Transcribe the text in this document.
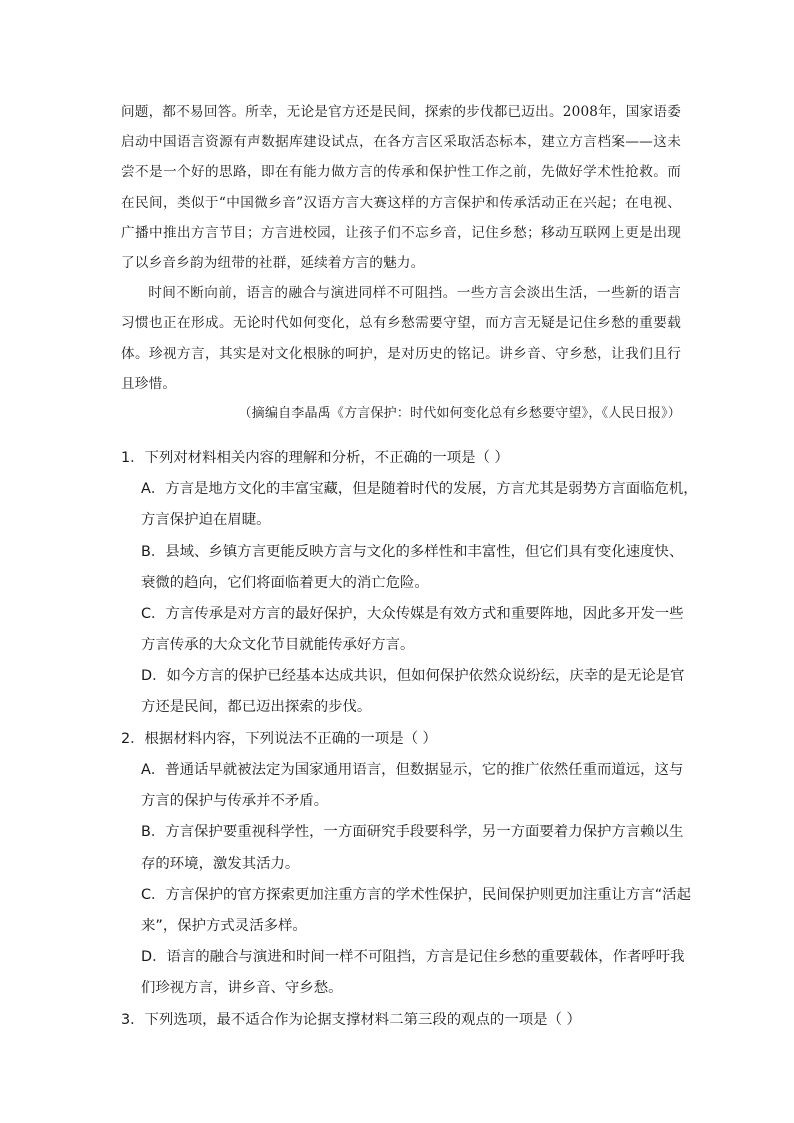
问题，都不易回答。所幸，无论是官方还是民间，探索的步伐都已迈出。2008年，国家语委启动中国语言资源有声数据库建设试点，在各方言区采取活态标本，建立方言档案——这未尝不是一个好的思路，即在有能力做方言的传承和保护性工作之前，先做好学术性抢救。而在民间，类似于“中国微乡音”汉语方言大赛这样的方言保护和传承活动正在兴起；在电视、广播中推出方言节目；方言进校园，让孩子们不忘乡音，记住乡愁；移动互联网上更是出现了以乡音乡韵为纽带的社群，延续着方言的魅力。

时间不断向前，语言的融合与演进同样不可阻挡。一些方言会淡出生活，一些新的语言习惯也正在形成。无论时代如何变化，总有乡愁需要守望，而方言无疑是记住乡愁的重要载体。珍视方言，其实是对文化根脉的呵护，是对历史的铭记。讲乡音、守乡愁，让我们且行且珍惜。

（摘编自李晶禹《方言保护：时代如何变化总有乡愁要守望》，《人民日报》）

1．下列对材料相关内容的理解和分析，不正确的一项是（ ）
A．方言是地方文化的丰富宝藏，但是随着时代的发展，方言尤其是弱势方言面临危机，
方言保护迫在眉睫。
B．县域、乡镇方言更能反映方言与文化的多样性和丰富性，但它们具有变化速度快、
衰微的趋向，它们将面临着更大的消亡危险。
C．方言传承是对方言的最好保护，大众传媒是有效方式和重要阵地，因此多开发一些
方言传承的大众文化节目就能传承好方言。
D．如今方言的保护已经基本达成共识，但如何保护依然众说纷纭，庆幸的是无论是官
方还是民间，都已迈出探索的步伐。
2．根据材料内容，下列说法不正确的一项是（ ）
A．普通话早就被法定为国家通用语言，但数据显示，它的推广依然任重而道远，这与
方言的保护与传承并不矛盾。
B．方言保护要重视科学性，一方面研究手段要科学，另一方面要着力保护方言赖以生
存的环境，激发其活力。
C．方言保护的官方探索更加注重方言的学术性保护，民间保护则更加注重让方言“活起
来”，保护方式灵活多样。
D．语言的融合与演进和时间一样不可阻挡，方言是记住乡愁的重要载体，作者呼吁我
们珍视方言，讲乡音、守乡愁。
3．下列选项，最不适合作为论据支撑材料二第三段的观点的一项是（ ）
